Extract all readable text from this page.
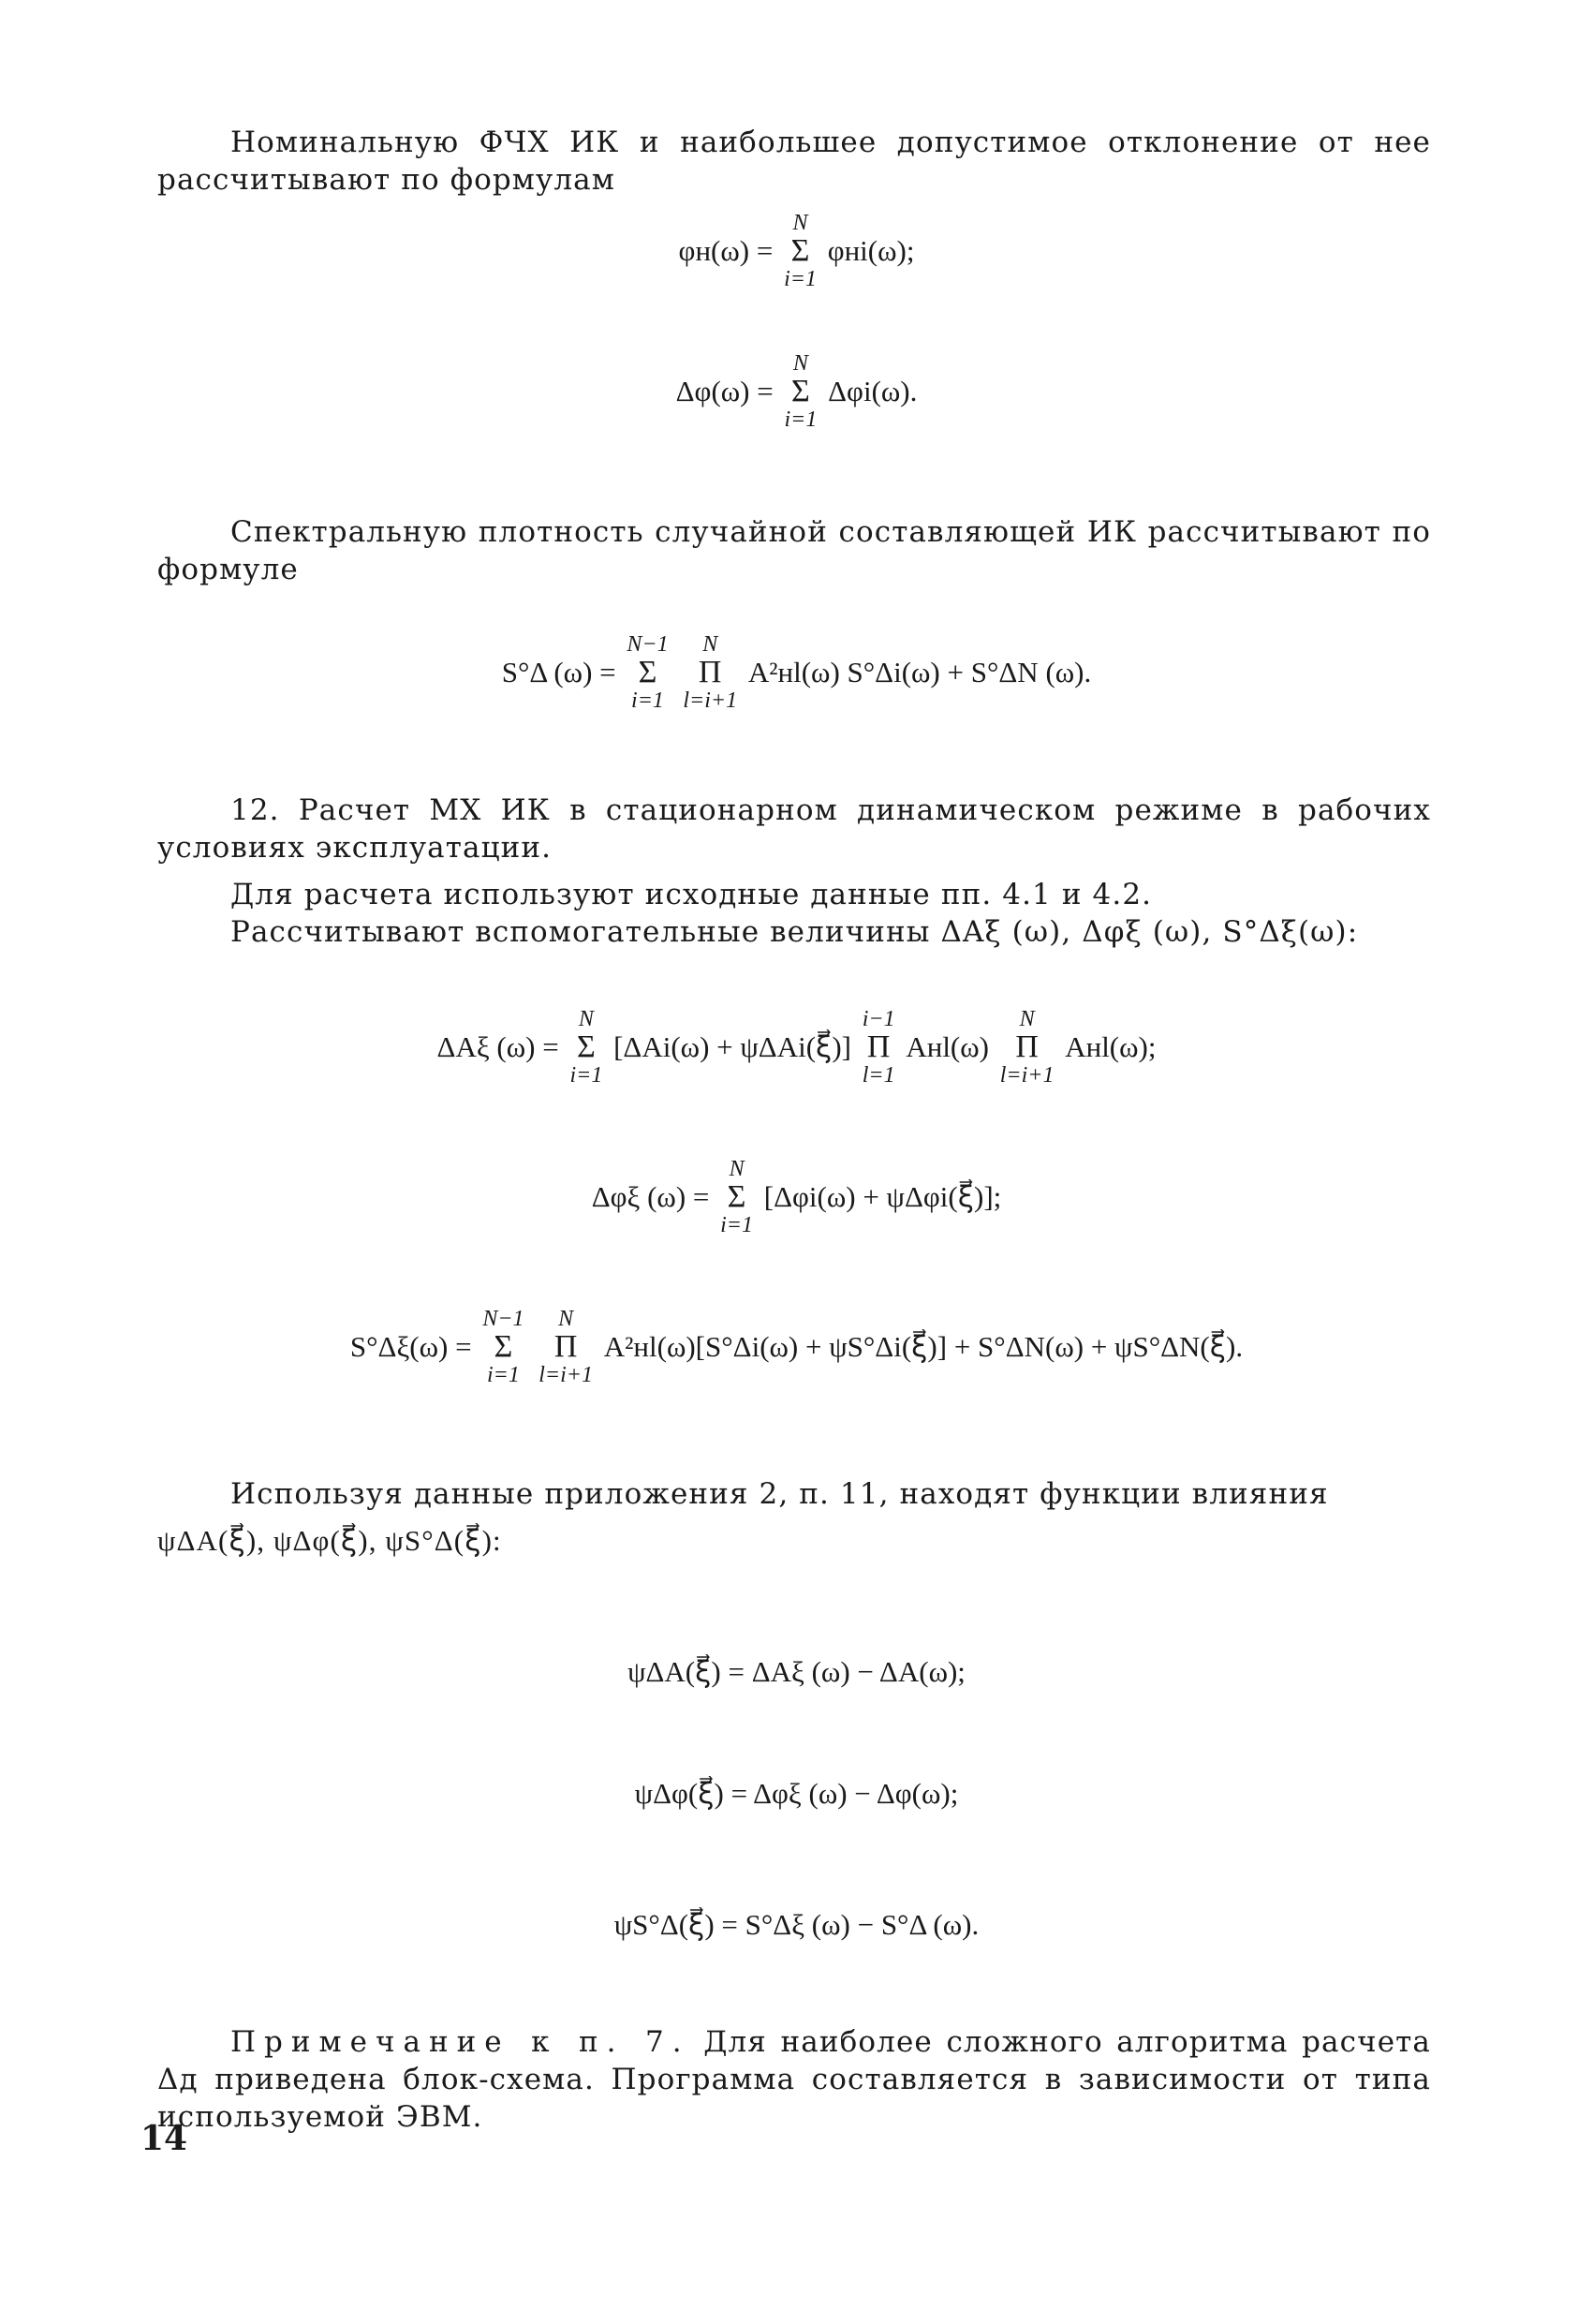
Номинальную ФЧХ ИК и наибольшее допустимое отклонение от нее рассчитывают по формулам

φн(ω) =
N
Σ
i=1
φнi(ω);
Δφ(ω) =
N
Σ
i=1
Δφi(ω).

Спектральную плотность случайной составляющей ИК рассчитывают по формуле

S°Δ (ω) =
N−1
Σ
i=1

N
Π
l=i+1
A²нl(ω) S°Δi(ω) + S°ΔN (ω).

12. Расчет МХ ИК в стационарном динамическом режиме в рабочих условиях эксплуатации.

Для расчета используют исходные данные пп. 4.1 и 4.2.

Рассчитывают вспомогательные величины ΔAξ (ω), Δφξ (ω), S°Δξ(ω):

ΔAξ (ω) =
N
Σ
i=1
[ΔAi(ω) + ψΔAi(ξ⃗)]
i−1
Π
l=1
Aнl(ω)
N
Π
l=i+1
Aнl(ω);
Δφξ (ω) =
N
Σ
i=1
[Δφi(ω) + ψΔφi(ξ⃗)];
S°Δξ(ω) =
N−1
Σ
i=1

N
Π
l=i+1
A²нl(ω)[S°Δi(ω) + ψS°Δi(ξ⃗)] + S°ΔN(ω) + ψS°ΔN(ξ⃗).

Используя данные приложения 2, п. 11, находят функции влияния

ψΔA(ξ⃗), ψΔφ(ξ⃗), ψS°Δ(ξ⃗):

ψΔA(ξ⃗) = ΔAξ (ω) − ΔA(ω);
ψΔφ(ξ⃗) = Δφξ (ω) − Δφ(ω);
ψS°Δ(ξ⃗) = S°Δξ (ω) − S°Δ (ω).

Примечание к п. 7. Для наиболее сложного алгоритма расчета Δд приведена блок-схема. Программа составляется в зависимости от типа используемой ЭВМ.

14
